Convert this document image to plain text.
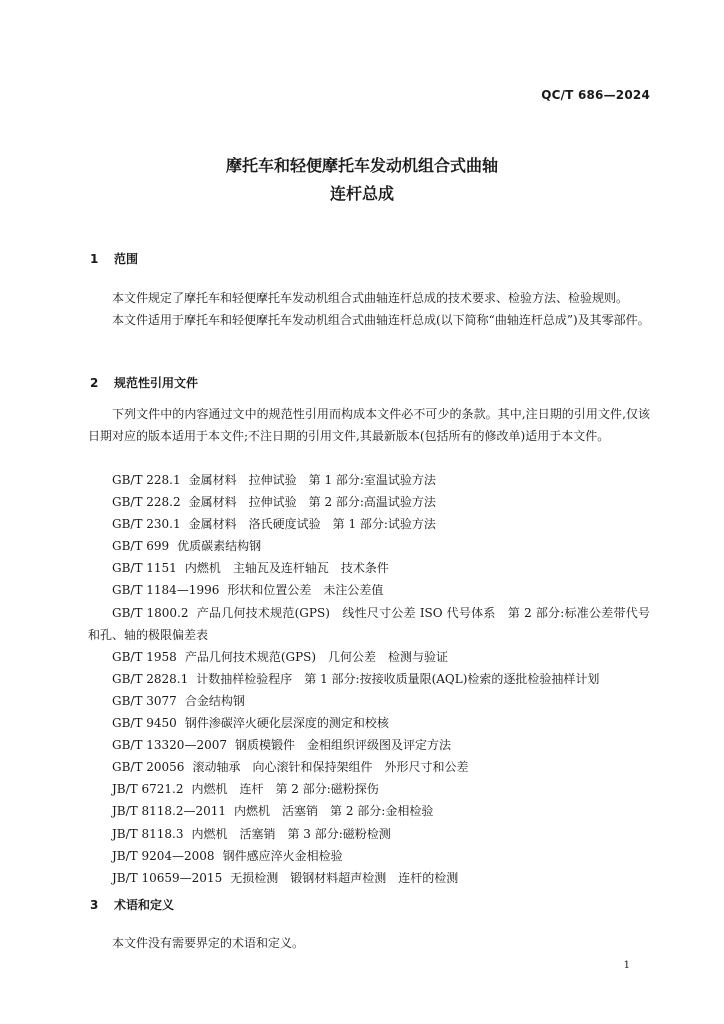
QC/T 686—2024
摩托车和轻便摩托车发动机组合式曲轴
连杆总成
1 范围
本文件规定了摩托车和轻便摩托车发动机组合式曲轴连杆总成的技术要求、检验方法、检验规则。
本文件适用于摩托车和轻便摩托车发动机组合式曲轴连杆总成(以下简称“曲轴连杆总成”)及其零部件。
2 规范性引用文件
下列文件中的内容通过文中的规范性引用而构成本文件必不可少的条款。其中,注日期的引用文件,仅该日期对应的版本适用于本文件;不注日期的引用文件,其最新版本(包括所有的修改单)适用于本文件。

GB/T 228.1 金属材料　拉伸试验　第 1 部分:室温试验方法

GB/T 228.2 金属材料　拉伸试验　第 2 部分:高温试验方法

GB/T 230.1 金属材料　洛氏硬度试验　第 1 部分:试验方法

GB/T 699 优质碳素结构钢

GB/T 1151 内燃机　主轴瓦及连杆轴瓦　技术条件

GB/T 1184—1996 形状和位置公差　未注公差值

GB/T 1800.2 产品几何技术规范(GPS)　线性尺寸公差 ISO 代号体系　第 2 部分:标准公差带代号和孔、轴的极限偏差表

GB/T 1958 产品几何技术规范(GPS)　几何公差　检测与验证

GB/T 2828.1 计数抽样检验程序　第 1 部分:按接收质量限(AQL)检索的逐批检验抽样计划

GB/T 3077 合金结构钢

GB/T 9450 钢件渗碳淬火硬化层深度的测定和校核

GB/T 13320—2007 钢质模锻件　金相组织评级图及评定方法

GB/T 20056 滚动轴承　向心滚针和保持架组件　外形尺寸和公差

JB/T 6721.2 内燃机　连杆　第 2 部分:磁粉探伤

JB/T 8118.2—2011 内燃机　活塞销　第 2 部分:金相检验

JB/T 8118.3 内燃机　活塞销　第 3 部分:磁粉检测

JB/T 9204—2008 钢件感应淬火金相检验

JB/T 10659—2015 无损检测　锻钢材料超声检测　连杆的检测

3 术语和定义
本文件没有需要界定的术语和定义。
1
